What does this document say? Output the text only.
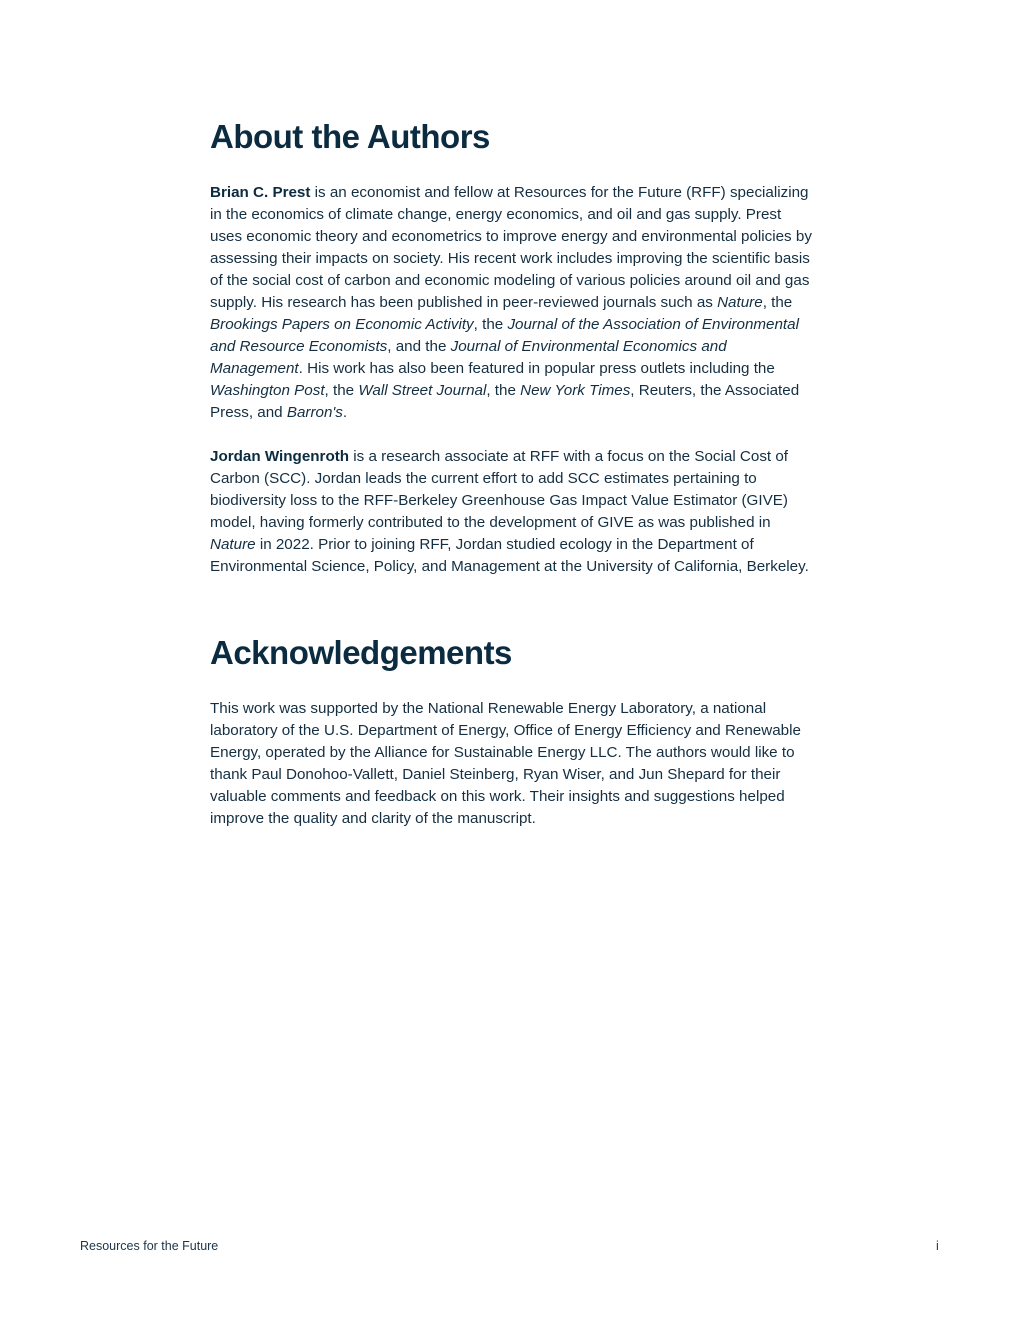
About the Authors

Brian C. Prest is an economist and fellow at Resources for the Future (RFF) specializing in the economics of climate change, energy economics, and oil and gas supply. Prest uses economic theory and econometrics to improve energy and environmental policies by assessing their impacts on society. His recent work includes improving the scientific basis of the social cost of carbon and economic modeling of various policies around oil and gas supply. His research has been published in peer-reviewed journals such as Nature, the Brookings Papers on Economic Activity, the Journal of the Association of Environmental and Resource Economists, and the Journal of Environmental Economics and Management. His work has also been featured in popular press outlets including the Washington Post, the Wall Street Journal, the New York Times, Reuters, the Associated Press, and Barron's.

Jordan Wingenroth is a research associate at RFF with a focus on the Social Cost of Carbon (SCC). Jordan leads the current effort to add SCC estimates pertaining to biodiversity loss to the RFF-Berkeley Greenhouse Gas Impact Value Estimator (GIVE) model, having formerly contributed to the development of GIVE as was published in Nature in 2022. Prior to joining RFF, Jordan studied ecology in the Department of Environmental Science, Policy, and Management at the University of California, Berkeley.

Acknowledgements

This work was supported by the National Renewable Energy Laboratory, a national laboratory of the U.S. Department of Energy, Office of Energy Efficiency and Renewable Energy, operated by the Alliance for Sustainable Energy LLC. The authors would like to thank Paul Donohoo-Vallett, Daniel Steinberg, Ryan Wiser, and Jun Shepard for their valuable comments and feedback on this work. Their insights and suggestions helped improve the quality and clarity of the manuscript.

Resources for the Future	i
